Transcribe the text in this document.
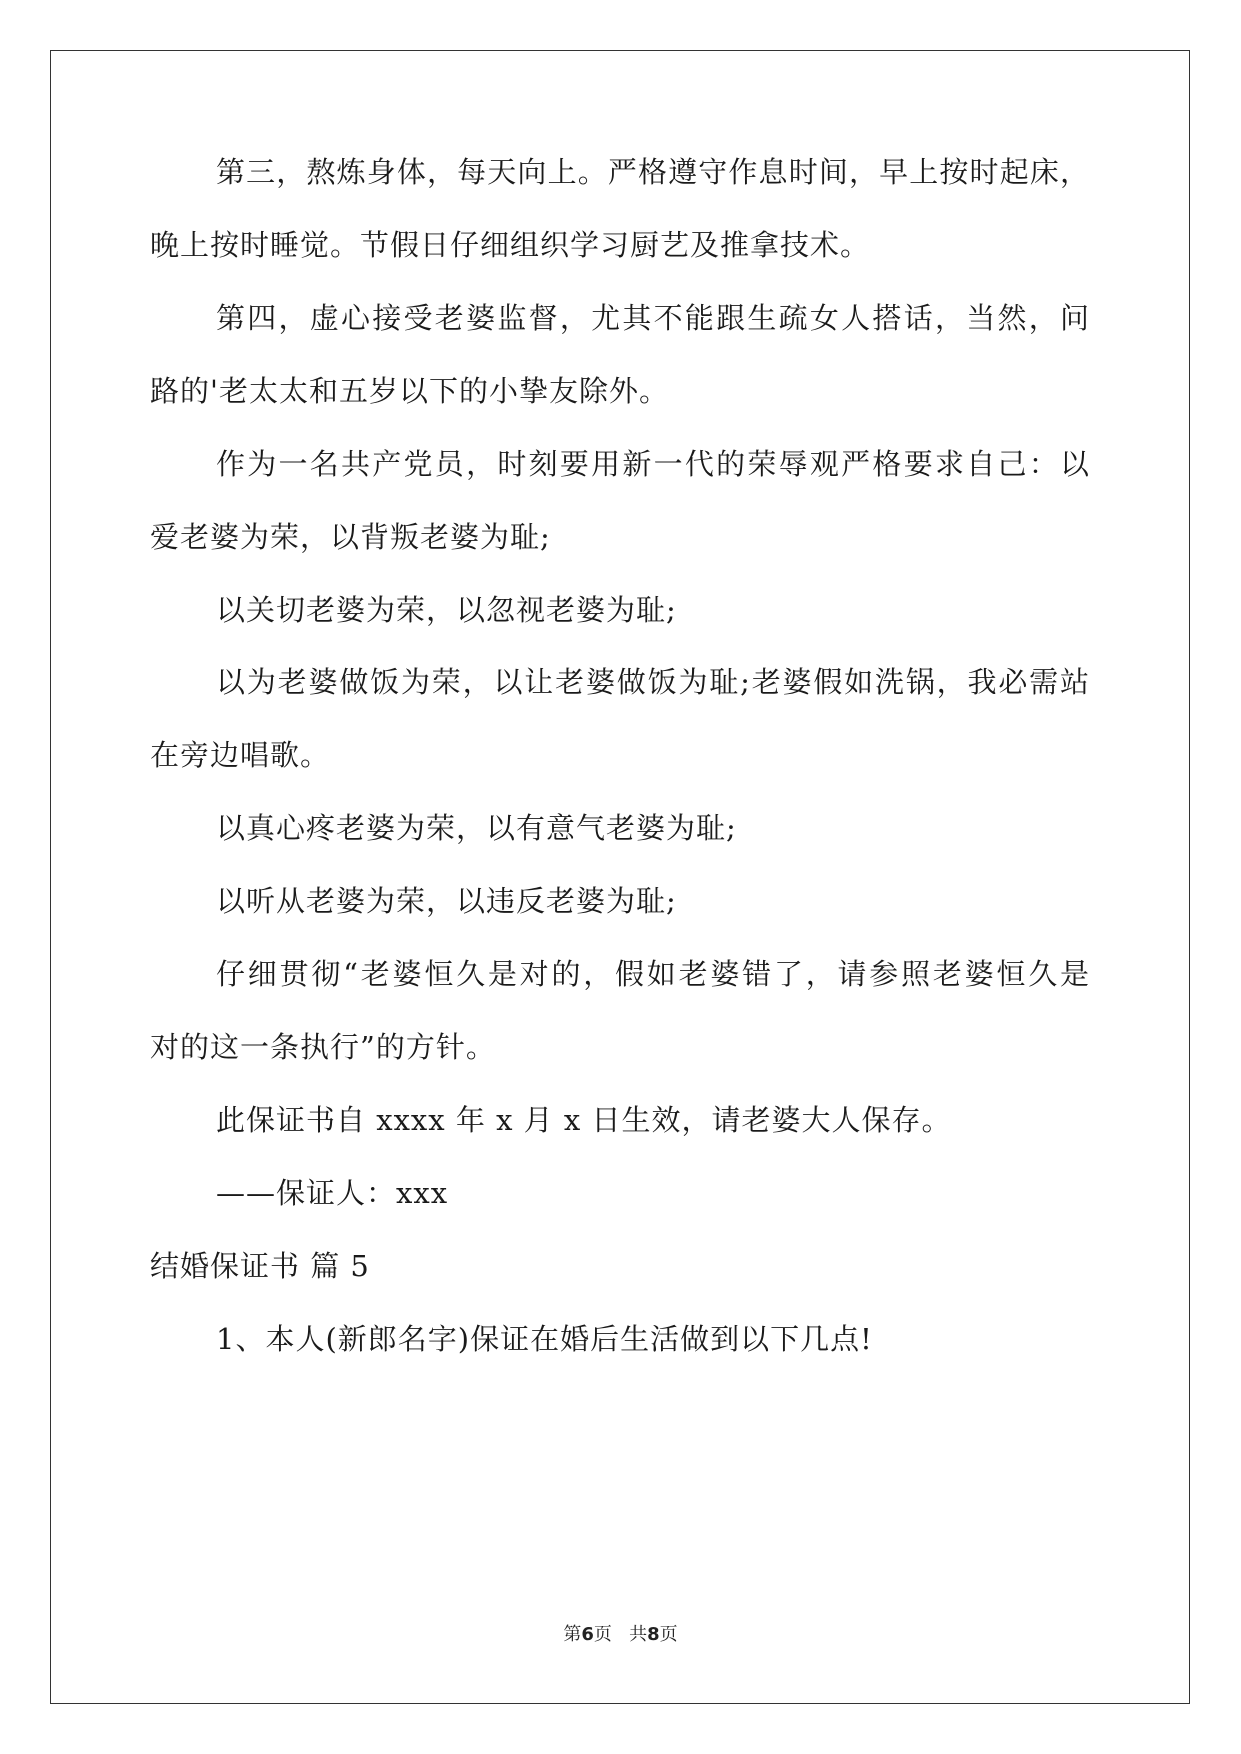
第三，熬炼身体，每天向上。严格遵守作息时间，早上按时起床，
晚上按时睡觉。节假日仔细组织学习厨艺及推拿技术。
第四，虚心接受老婆监督，尤其不能跟生疏女人搭话，当然，问
路的'老太太和五岁以下的小挚友除外。
作为一名共产党员，时刻要用新一代的荣辱观严格要求自己：以
爱老婆为荣，以背叛老婆为耻;
以关切老婆为荣，以忽视老婆为耻;
以为老婆做饭为荣，以让老婆做饭为耻;老婆假如洗锅，我必需站
在旁边唱歌。
以真心疼老婆为荣，以有意气老婆为耻;
以听从老婆为荣，以违反老婆为耻;
仔细贯彻“老婆恒久是对的，假如老婆错了，请参照老婆恒久是
对的这一条执行”的方针。
此保证书自 xxxx 年 x 月 x 日生效，请老婆大人保存。
——保证人：xxx
结婚保证书 篇 5
1、本人(新郎名字)保证在婚后生活做到以下几点!
第6页   共8页
